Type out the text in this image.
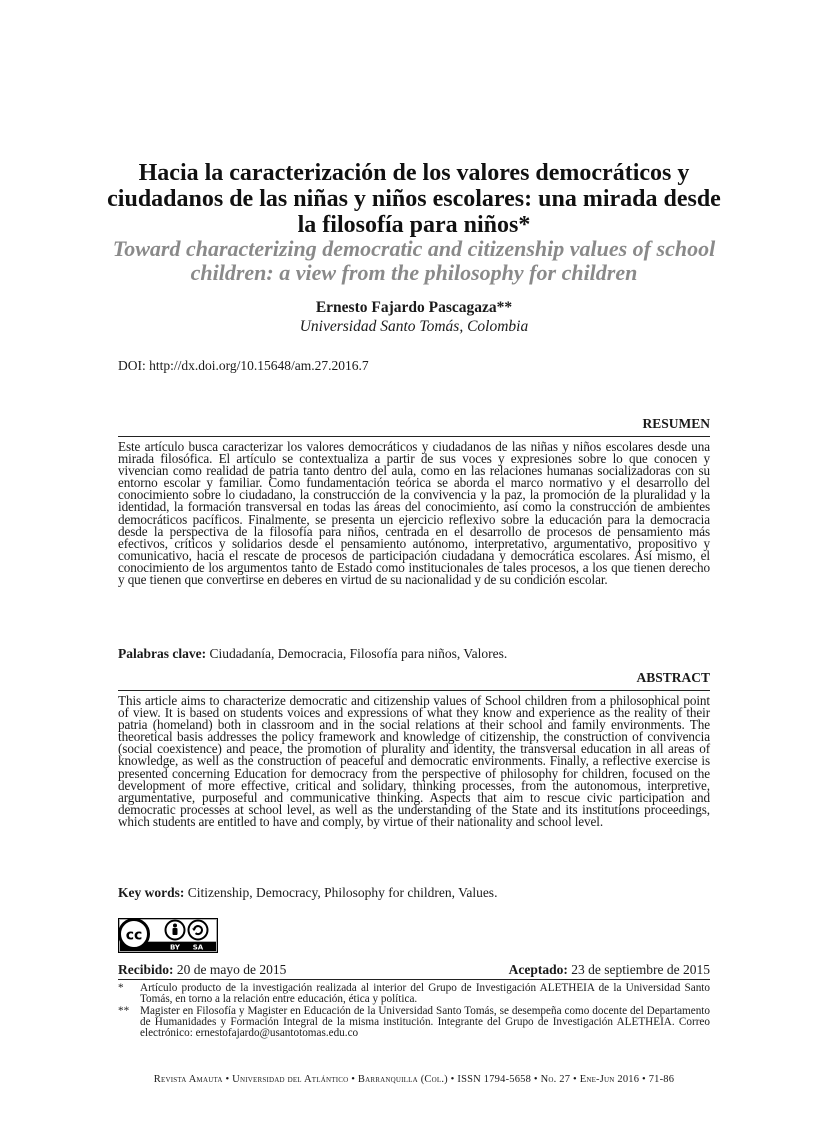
Hacia la caracterización de los valores democráticos y ciudadanos de las niñas y niños escolares: una mirada desde la filosofía para niños*
Toward characterizing democratic and citizenship values of school children: a view from the philosophy for children
Ernesto Fajardo Pascagaza**
Universidad Santo Tomás, Colombia
DOI: http://dx.doi.org/10.15648/am.27.2016.7
RESUMEN
Este artículo busca caracterizar los valores democráticos y ciudadanos de las niñas y niños escolares desde una mirada filosófica. El artículo se contextualiza a partir de sus voces y expresiones sobre lo que conocen y vivencian como realidad de patria tanto dentro del aula, como en las relaciones humanas socializadoras con su entorno escolar y familiar. Como fundamentación teórica se aborda el marco normativo y el desarrollo del conocimiento sobre lo ciudadano, la construcción de la convivencia y la paz, la promoción de la pluralidad y la identidad, la formación transversal en todas las áreas del conocimiento, así como la construcción de ambientes democráticos pacíficos. Finalmente, se presenta un ejercicio reflexivo sobre la educación para la democracia desde la perspectiva de la filosofía para niños, centrada en el desarrollo de procesos de pensamiento más efectivos, críticos y solidarios desde el pensamiento autónomo, interpretativo, argumentativo, propositivo y comunicativo, hacia el rescate de procesos de participación ciudadana y democrática escolares. Así mismo, el conocimiento de los argumentos tanto de Estado como institucionales de tales procesos, a los que tienen derecho y que tienen que convertirse en deberes en virtud de su nacionalidad y de su condición escolar.
Palabras clave: Ciudadanía, Democracia, Filosofía para niños, Valores.
ABSTRACT
This article aims to characterize democratic and citizenship values of School children from a philosophical point of view. It is based on students voices and expressions of what they know and experience as the reality of their patria (homeland) both in classroom and in the social relations at their school and family environments. The theoretical basis addresses the policy framework and knowledge of citizenship, the construction of convivencia (social coexistence) and peace, the promotion of plurality and identity, the transversal education in all areas of knowledge, as well as the construction of peaceful and democratic environments. Finally, a reflective exercise is presented concerning Education for democracy from the perspective of philosophy for children, focused on the development of more effective, critical and solidary, thinking processes, from the autonomous, interpretive, argumentative, purposeful and communicative thinking. Aspects that aim to rescue civic participation and democratic processes at school level, as well as the understanding of the State and its institutions proceedings, which students are entitled to have and comply, by virtue of their nationality and school level.
Key words: Citizenship, Democracy, Philosophy for children, Values.
cc
BY SA
Recibido: 20 de mayo de 2015	Aceptado: 23 de septiembre de 2015
*	Artículo producto de la investigación realizada al interior del Grupo de Investigación ALETHEIA de la Universidad Santo Tomás, en torno a la relación entre educación, ética y política.
** Magister en Filosofía y Magister en Educación de la Universidad Santo Tomás, se desempeña como docente del Departamento de Humanidades y Formación Integral de la misma institución. Integrante del Grupo de Investigación ALETHEIA. Correo electrónico: ernestofajardo@usantotomas.edu.co
Revista Amauta • Universidad del Atlántico • Barranquilla (Col.) • ISSN 1794-5658 • No. 27 • Ene-Jun 2016 • 71-86
